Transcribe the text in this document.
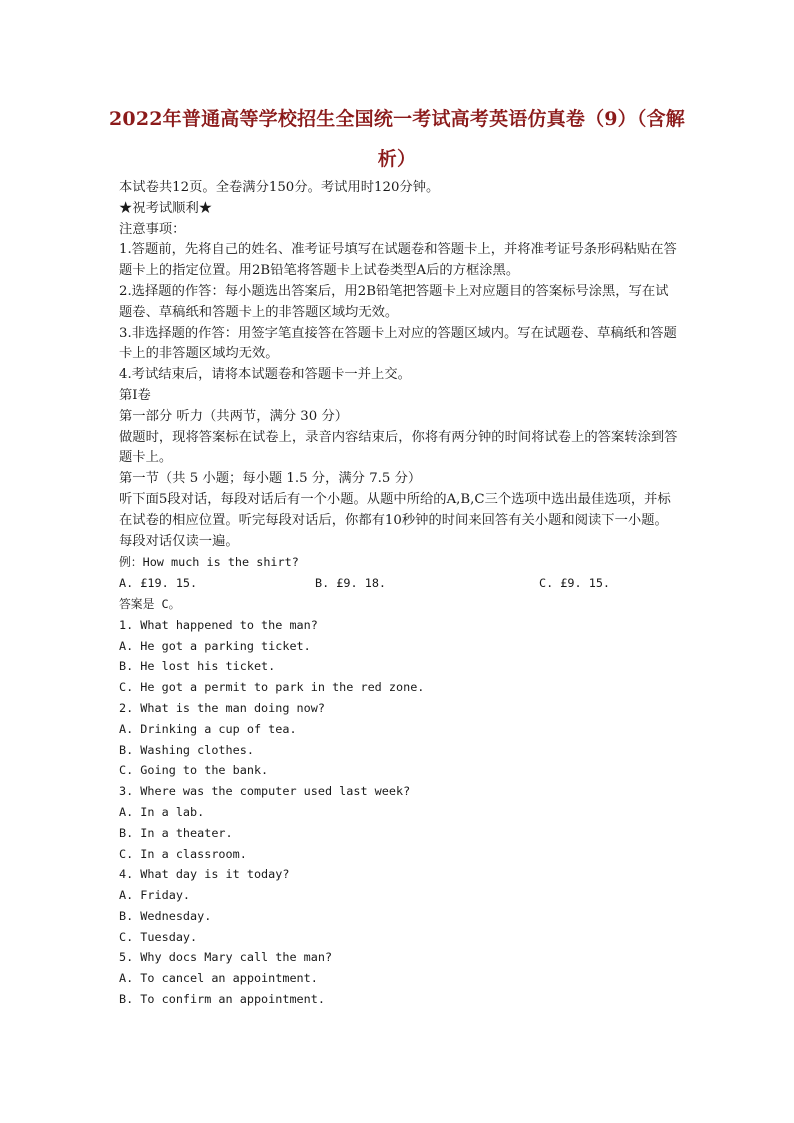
2022年普通高等学校招生全国统一考试高考英语仿真卷（9）（含解析）
本试卷共12页。全卷满分150分。考试用时120分钟。
★祝考试顺利★
注意事项：
1.答题前，先将自己的姓名、准考证号填写在试题卷和答题卡上，并将准考证号条形码粘贴在答题卡上的指定位置。用2B铅笔将答题卡上试卷类型A后的方框涂黑。
2.选择题的作答：每小题选出答案后，用2B铅笔把答题卡上对应题目的答案标号涂黑，写在试题卷、草稿纸和答题卡上的非答题区域均无效。
3.非选择题的作答：用签字笔直接答在答题卡上对应的答题区域内。写在试题卷、草稿纸和答题卡上的非答题区域均无效。
4.考试结束后，请将本试题卷和答题卡一并上交。
第Ⅰ卷
第一部分 听力（共两节，满分 30 分）
做题时，现将答案标在试卷上，录音内容结束后，你将有两分钟的时间将试卷上的答案转涂到答题卡上。
第一节（共 5 小题；每小题 1.5 分，满分 7.5 分）
听下面5段对话，每段对话后有一个小题。从题中所给的A,B,C三个选项中选出最佳选项，并标在试卷的相应位置。听完每段对话后，你都有10秒钟的时间来回答有关小题和阅读下一小题。每段对话仅读一遍。
例：How much is the shirt?
A. £19. 15.	B. £9. 18.	C. £9. 15.
答案是 C。
1. What happened to the man?
A. He got a parking ticket.
B. He lost his ticket.
C. He got a permit to park in the red zone.
2. What is the man doing now?
A. Drinking a cup of tea.
B. Washing clothes.
C. Going to the bank.
3. Where was the computer used last week?
A. In a lab.
B. In a theater.
C. In a classroom.
4. What day is it today?
A. Friday.
B. Wednesday.
C. Tuesday.
5. Why docs Mary call the man?
A. To cancel an appointment.
B. To confirm an appointment.
